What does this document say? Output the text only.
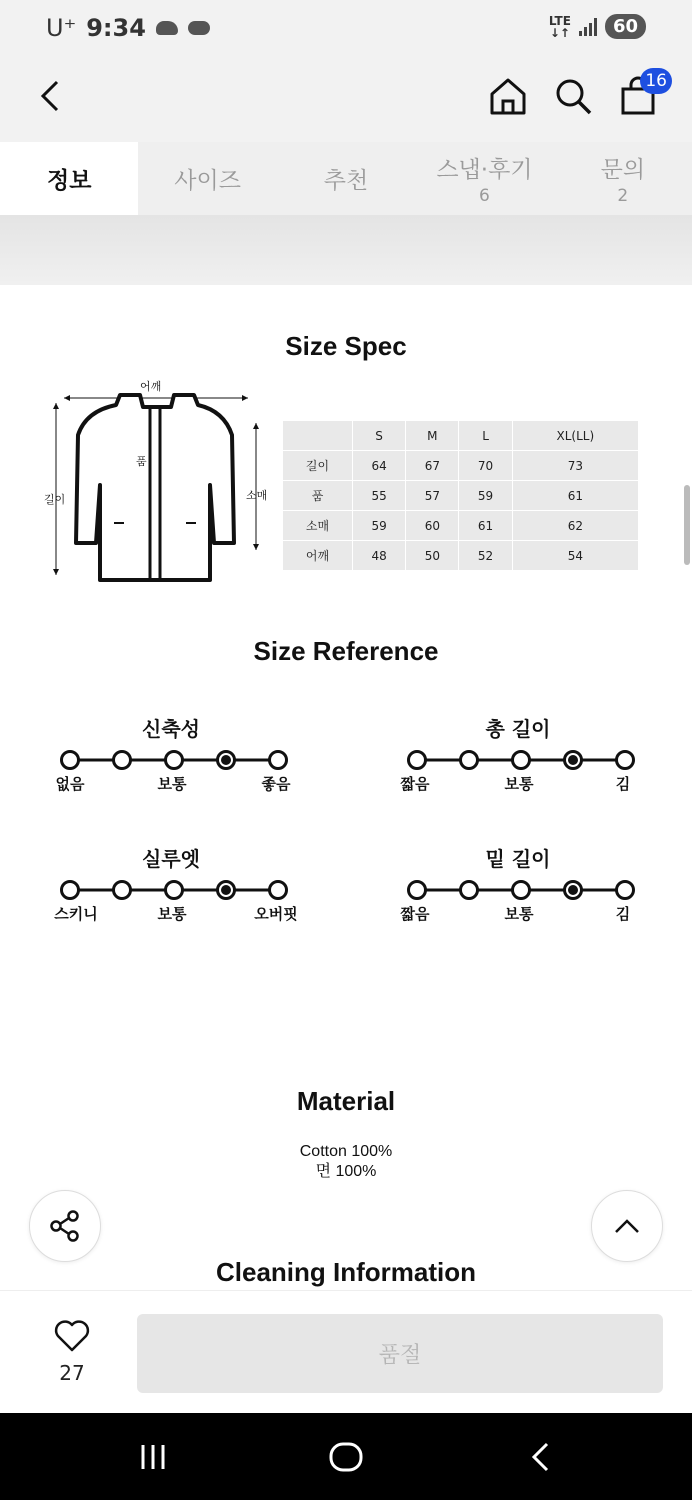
U⁺ 9:34	LTE
↓↑	60
16
정보	사이즈	추천	스냅·후기
6
문의
2
Size Spec
어깨
품
길이	소매
	S	M	L	XL(LL)
길이	64	67	70	73
품	55	57	59	61
소매	59	60	61	62
어깨	48	50	52	54
Size Reference
신축성
없음	보통	좋음
총 길이
짧음	보통	김
실루엣
스키니	보통	오버핏
밑 길이
짧음	보통	김
Material
Cotton 100%
면 100%
Cleaning Information
27
품절
